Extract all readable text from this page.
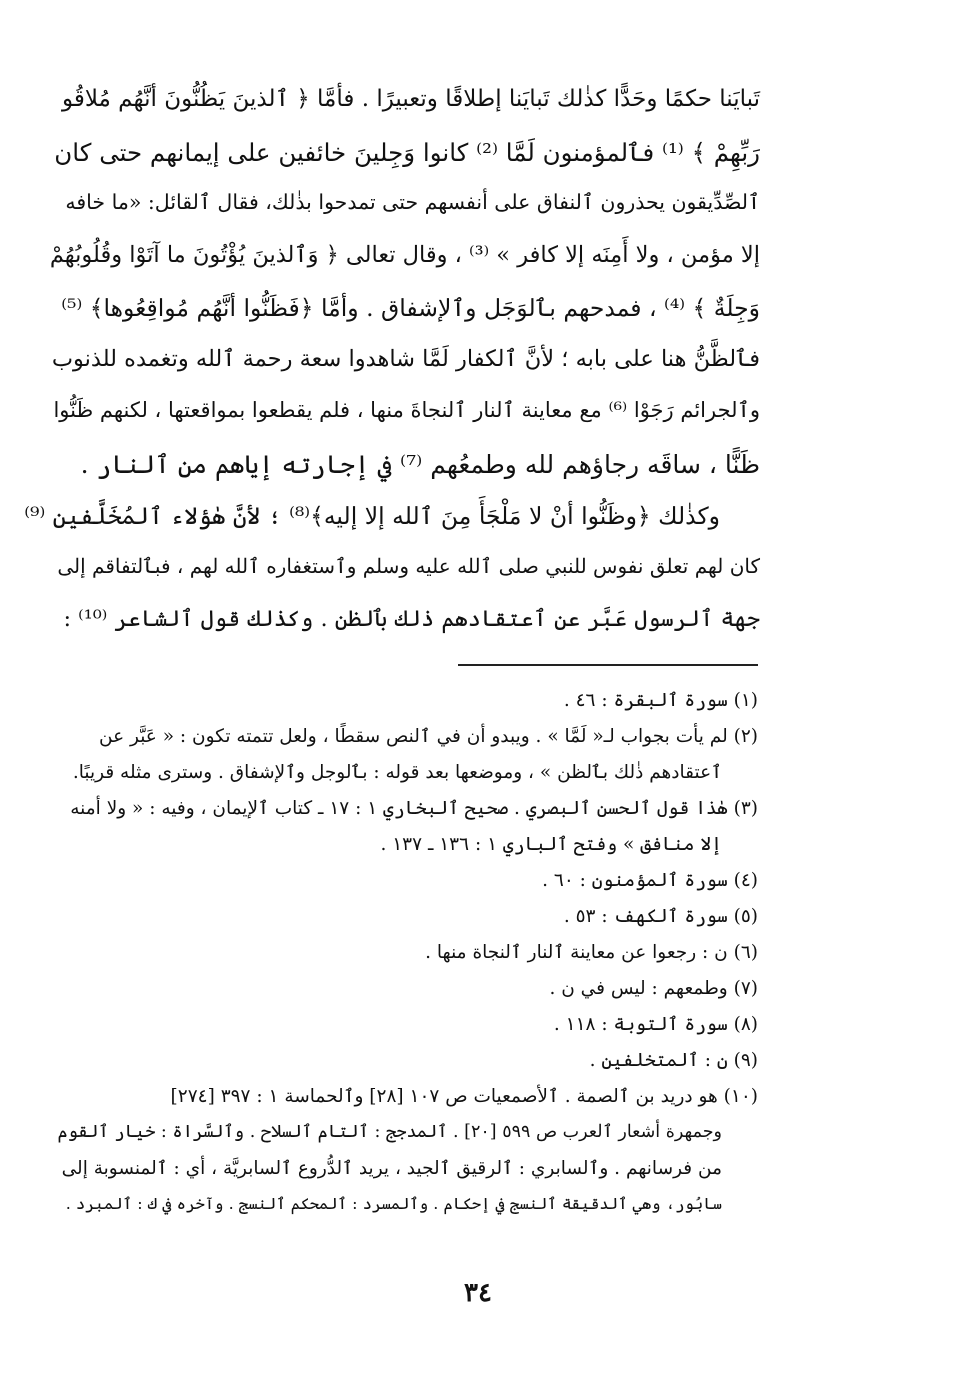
تَبايَنا حكمًا وحَدًّا كذٰلك تَبايَنا إطلاقًا وتعبيرًا . فأمَّا ﴿ ٱلذينَ يَظُنُّونَ أنَّهُم مُلاقُو
رَبِّهِمْ ﴾ ⁽¹⁾ فٱلمؤمنون لَمَّا ⁽²⁾ كانوا وَجِلينَ خائفين على إيمانهم حتى كان
ٱلصِّدِّيقون يحذرون ٱلنفاق على أنفسهم حتى تمدحوا بذٰلك، فقال ٱلقائل: «ما خافه
إلا مؤمن ، ولا أَمِنَه إلا كافر » ⁽³⁾ ، وقال تعالى ﴿ وَٱلذينَ يُؤْتُونَ ما آتَوْا وقُلُوبُهُمْ
وَجِلَةٌ ﴾ ⁽⁴⁾ ، فمدحهم بٱلوَجَل وٱلإشفاق . وأمَّا ﴿فَظَنُّوا أنَّهُم مُواقِعُوها﴾ ⁽⁵⁾
فٱلظَّنُّ هنا على بابه ؛ لأنَّ ٱلكفار لَمَّا شاهدوا سعة رحمة ٱلله وتغمده للذنوب
وٱلجرائم رَجَوْا ⁽⁶⁾ مع معاينة ٱلنار ٱلنجاةَ منها ، فلم يقطعوا بمواقعتها ، لكنهم ظَنُّوا
ظَنًّا ، ساقَه رجاؤهم لله وطمعُهم ⁽⁷⁾ في إجارته إياهم من ٱلنار .
وكذٰلك ﴿وظَنُّوا أنْ لا مَلْجَأَ مِنَ ٱلله إلا إليه﴾⁽⁸⁾ ؛ لأنَّ هٰؤلاء ٱلمُخَلَّفين ⁽⁹⁾
كان لهم تعلق نفوس للنبي صلى ٱلله عليه وسلم وٱستغفاره ٱلله لهم ، فبٱلتفاقم إلى
جهة ٱلرسول عَبَّر عن ٱعتقادهم ذٰلك بٱلظن . وكذٰلك قول ٱلشاعر ⁽¹⁰⁾ :
(١) سورة ٱلبقرة : ٤٦ .
(٢) لم يأت بجواب لـ« لَمَّا » . ويبدو أن في ٱلنص سقطًا ، ولعل تتمته تكون : « عَبَّر عن
ٱعتقادهم ذٰلك بٱلظن » ، وموضعها بعد قوله : بٱلوجل وٱلإشفاق . وسترى مثله قريبًا.
(٣) هٰذا قول ٱلحسن ٱلبصري . صحيح ٱلبخاري ١ : ١٧ ـ كتاب ٱلإيمان ، وفيه : « ولا أمنه
إلا منافق » وفتح ٱلباري ١ : ١٣٦ ـ ١٣٧ .
(٤) سورة ٱلمؤمنون : ٦٠ .
(٥) سورة ٱلكهف : ٥٣ .
(٦) ن : رجعوا عن معاينة ٱلنار ٱلنجاة منها .
(٧) وطمعهم : ليس في ن .
(٨) سورة ٱلتوبة : ١١٨ .
(٩) ن : ٱلمتخلفين .
(١٠) هو دريد بن ٱلصمة . ٱلأصمعيات ص ١٠٧ [٢٨] وٱلحماسة ١ : ٣٩٧ [٢٧٤]
وجمهرة أشعار ٱلعرب ص ٥٩٩ [٢٠] . ٱلمدجج : ٱلتام ٱلسلاح . وٱلسَّراة : خيار ٱلقوم
من فرسانهم . وٱلسابري : ٱلرقيق ٱلجيد ، يريد ٱلدُّروع ٱلسابريَّة ، أي : ٱلمنسوبة إلى
سابُور، وهي ٱلدقيقة ٱلنسج في إحكام . وٱلمسرد : ٱلمحكم ٱلنسج . وآخره في ك : ٱلمبرد .
٣٤
